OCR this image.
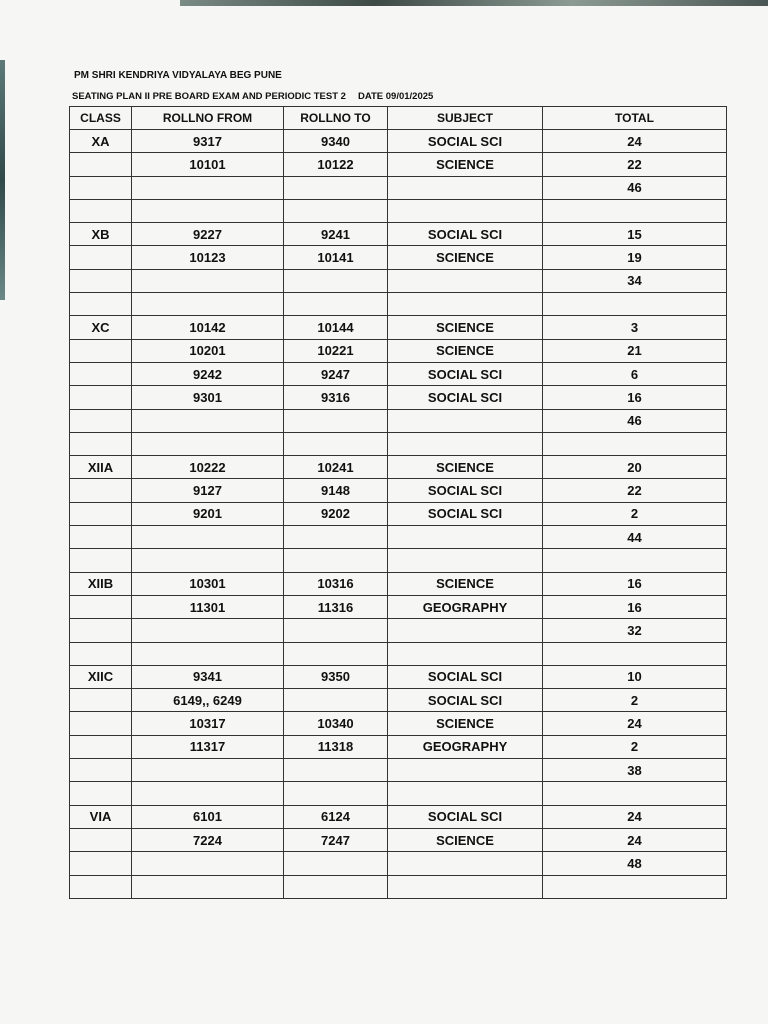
PM SHRI KENDRIYA VIDYALAYA BEG PUNE
SEATING PLAN II PRE BOARD EXAM AND PERIODIC TEST 2 DATE 09/01/2025
CLASS	ROLLNO FROM	ROLLNO TO	SUBJECT	TOTAL
XA	9317	9340	SOCIAL SCI	24
	10101	10122	SCIENCE	22
				46

XB	9227	9241	SOCIAL SCI	15
	10123	10141	SCIENCE	19
				34

XC	10142	10144	SCIENCE	3
	10201	10221	SCIENCE	21
	9242	9247	SOCIAL SCI	6
	9301	9316	SOCIAL SCI	16
				46

XIIA	10222	10241	SCIENCE	20
	9127	9148	SOCIAL SCI	22
	9201	9202	SOCIAL SCI	2
				44

XIIB	10301	10316	SCIENCE	16
	11301	11316	GEOGRAPHY	16
				32

XIIC	9341	9350	SOCIAL SCI	10
	6149,, 6249		SOCIAL SCI	2
	10317	10340	SCIENCE	24
	11317	11318	GEOGRAPHY	2
				38

VIA	6101	6124	SOCIAL SCI	24
	7224	7247	SCIENCE	24
				48
